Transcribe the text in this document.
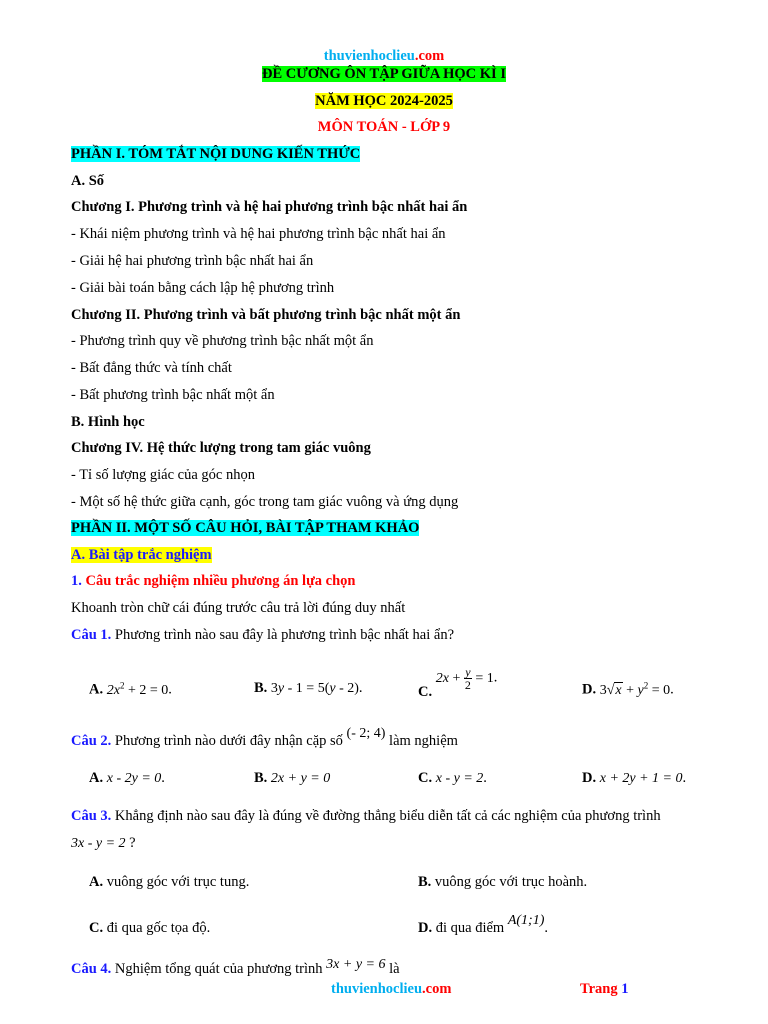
thuvienhoclieu.com
ĐỀ CƯƠNG ÔN TẬP GIỮA HỌC KÌ I
NĂM HỌC 2024-2025
MÔN TOÁN - LỚP 9
PHẦN I. TÓM TẮT NỘI DUNG KIẾN THỨC
A. Số
Chương I. Phương trình và hệ hai phương trình bậc nhất hai ẩn
- Khái niệm phương trình và hệ hai phương trình bậc nhất hai ẩn
- Giải hệ hai phương trình bậc nhất hai ẩn
- Giải bài toán bằng cách lập hệ phương trình
Chương II. Phương trình và bất phương trình bậc nhất một ẩn
- Phương trình quy về phương trình bậc nhất một ẩn
- Bất đẳng thức và tính chất
- Bất phương trình bậc nhất một ẩn
B. Hình học
Chương IV. Hệ thức lượng trong tam giác vuông
- Tỉ số lượng giác của góc nhọn
- Một số hệ thức giữa cạnh, góc trong tam giác vuông và ứng dụng
PHẦN II. MỘT SỐ CÂU HỎI, BÀI TẬP THAM KHẢO
A. Bài tập trắc nghiệm
1. Câu trắc nghiệm nhiều phương án lựa chọn
Khoanh tròn chữ cái đúng trước câu trả lời đúng duy nhất
Câu 1. Phương trình nào sau đây là phương trình bậc nhất hai ẩn?
A. $2x^2 + 2 = 0$.	B. 3y - 1 = 5(y - 2).	C. $2x + \frac{y}{2} = 1$.
D. $3√x + y^2 = 0$.
Câu 2. Phương trình nào dưới đây nhận cặp số (- 2; 4) làm nghiệm
A. x - 2y = 0.	B. 2x + y = 0	C. x - y = 2.	D. x + 2y + 1 = 0.
Câu 3. Khẳng định nào sau đây là đúng về đường thẳng biểu diễn tất cả các nghiệm của phương trình
3x - y = 2 ?
A. vuông góc với trục tung.	B. vuông góc với trục hoành.
C. đi qua gốc tọa độ.	D. đi qua điểm A(1;1).
Câu 4. Nghiệm tổng quát của phương trình 3x + y = 6 là
thuvienhoclieu.com	Trang 1
